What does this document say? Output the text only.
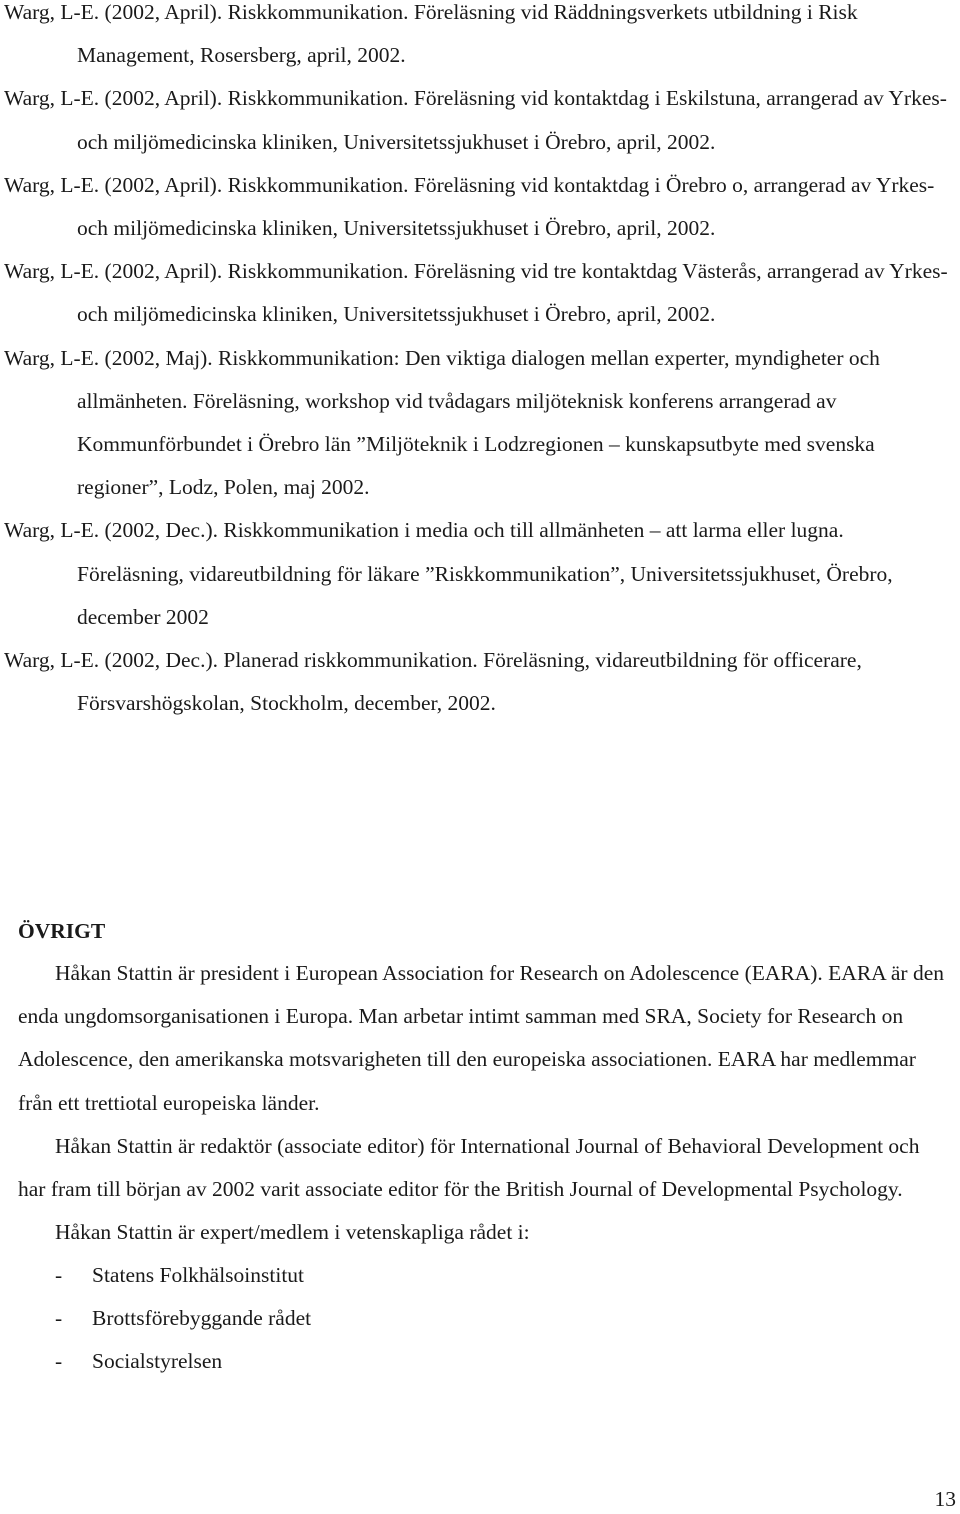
Warg, L-E. (2002, April). Riskkommunikation. Föreläsning vid Räddningsverkets utbildning i Risk Management, Rosersberg, april, 2002.

Warg, L-E. (2002, April). Riskkommunikation. Föreläsning vid kontaktdag i Eskilstuna, arrangerad av Yrkes- och miljömedicinska kliniken, Universitetssjukhuset i Örebro, april, 2002.

Warg, L-E. (2002, April). Riskkommunikation. Föreläsning vid kontaktdag i Örebro o, arrangerad av Yrkes- och miljömedicinska kliniken, Universitetssjukhuset i Örebro, april, 2002.

Warg, L-E. (2002, April). Riskkommunikation. Föreläsning vid tre kontaktdag Västerås, arrangerad av Yrkes- och miljömedicinska kliniken, Universitetssjukhuset i Örebro, april, 2002.

Warg, L-E. (2002, Maj). Riskkommunikation: Den viktiga dialogen mellan experter, myndigheter och allmänheten. Föreläsning, workshop vid tvådagars miljöteknisk konferens arrangerad av Kommunförbundet i Örebro län ”Miljöteknik i Lodzregionen – kunskapsutbyte med svenska regioner”, Lodz, Polen, maj 2002.

Warg, L-E. (2002, Dec.). Riskkommunikation i media och till allmänheten – att larma eller lugna. Föreläsning, vidareutbildning för läkare ”Riskkommunikation”, Universitetssjukhuset, Örebro, december 2002

Warg, L-E. (2002, Dec.). Planerad riskkommunikation. Föreläsning, vidareutbildning för officerare, Försvarshögskolan, Stockholm, december, 2002.

ÖVRIGT

Håkan Stattin är president i European Association for Research on Adolescence (EARA). EARA är den enda ungdomsorganisationen i Europa. Man arbetar intimt samman med SRA, Society for Research on Adolescence, den amerikanska motsvarigheten till den europeiska associationen. EARA har medlemmar från ett trettiotal europeiska länder.

Håkan Stattin är redaktör (associate editor) för International Journal of Behavioral Development och har fram till början av 2002 varit associate editor för the British Journal of Developmental Psychology.

Håkan Stattin är expert/medlem i vetenskapliga rådet i:

- Statens Folkhälsoinstitut
- Brottsförebyggande rådet
- Socialstyrelsen
13
